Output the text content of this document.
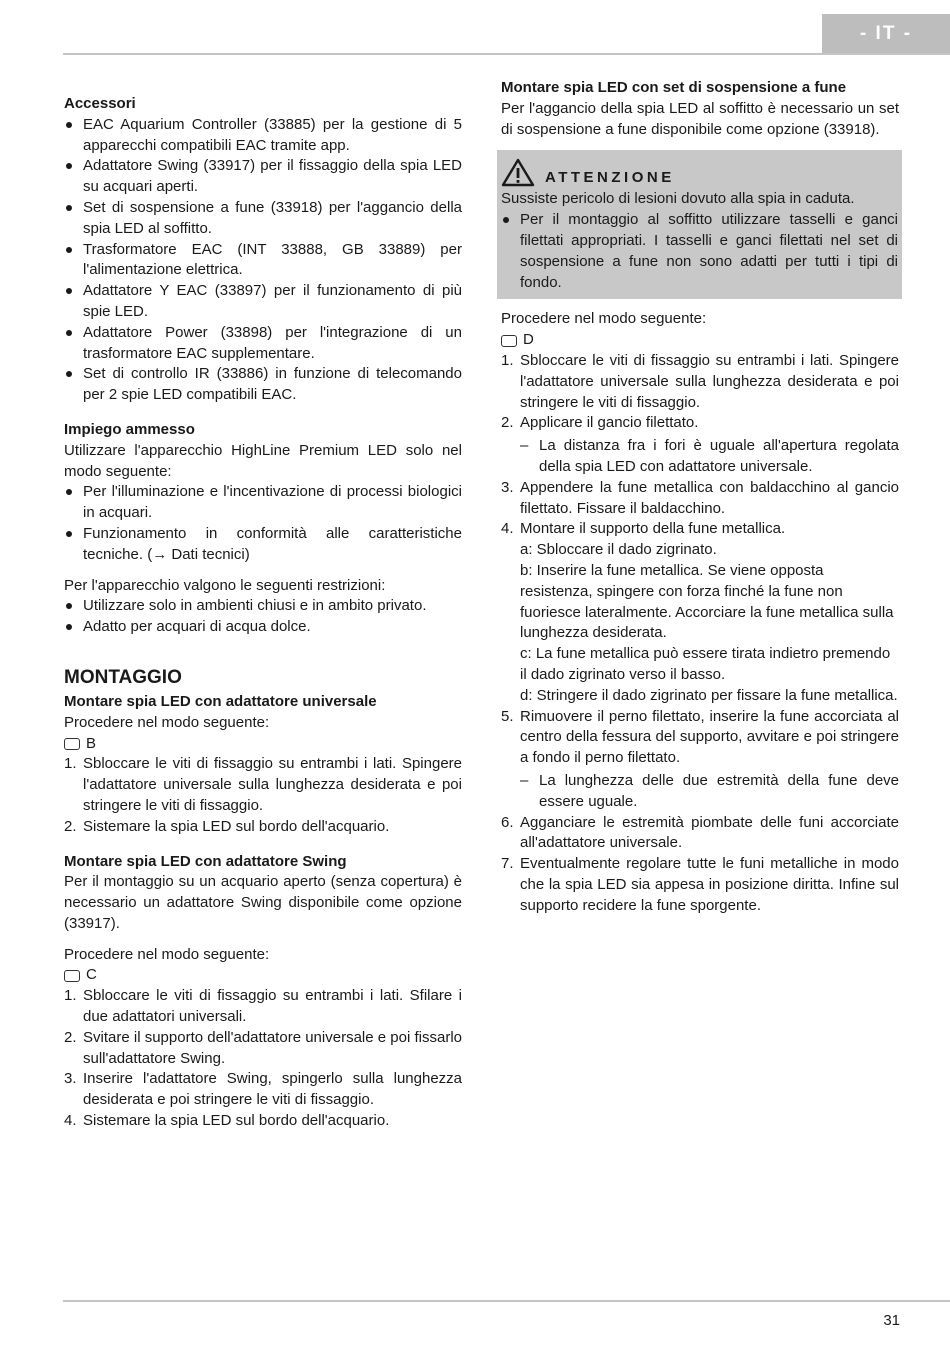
- IT -
Accessori
EAC Aquarium Controller (33885) per la gestione di 5 apparecchi compatibili EAC tramite app.
Adattatore Swing (33917) per il fissaggio della spia LED su acquari aperti.
Set di sospensione a fune (33918) per l'aggancio della spia LED al soffitto.
Trasformatore EAC (INT 33888, GB 33889) per l'alimentazione elettrica.
Adattatore Y EAC (33897) per il funzionamento di più spie LED.
Adattatore Power (33898) per l'integrazione di un trasformatore EAC supplementare.
Set di controllo IR (33886) in funzione di telecomando per 2 spie LED compatibili EAC.
Impiego ammesso

Utilizzare l'apparecchio HighLine Premium LED solo nel modo seguente:

Per l'illuminazione e l'incentivazione di processi biologici in acquari.
Funzionamento in conformità alle caratteristiche tecniche. (→ Dati tecnici)

Per l'apparecchio valgono le seguenti restrizioni:

Utilizzare solo in ambienti chiusi e in ambito privato.
Adatto per acquari di acqua dolce.
MONTAGGIO
Montare spia LED con adattatore universale

Procedere nel modo seguente:

B
1. Sbloccare le viti di fissaggio su entrambi i lati. Spingere l'adattatore universale sulla lunghezza desiderata e poi stringere le viti di fissaggio.
2. Sistemare la spia LED sul bordo dell'acquario.
Montare spia LED con adattatore Swing

Per il montaggio su un acquario aperto (senza copertura) è necessario un adattatore Swing disponibile come opzione (33917).

Procedere nel modo seguente:

C
1. Sbloccare le viti di fissaggio su entrambi i lati. Sfilare i due adattatori universali.
2. Svitare il supporto dell'adattatore universale e poi fissarlo sull'adattatore Swing.
3. Inserire l'adattatore Swing, spingerlo sulla lunghezza desiderata e poi stringere le viti di fissaggio.
4. Sistemare la spia LED sul bordo dell'acquario.
Montare spia LED con set di sospensione a fune

Per l'aggancio della spia LED al soffitto è necessario un set di sospensione a fune disponibile come opzione (33918).

ATTENZIONE

Sussiste pericolo di lesioni dovuto alla spia in caduta.

Per il montaggio al soffitto utilizzare tasselli e ganci filettati appropriati. I tasselli e ganci filettati nel set di sospensione a fune non sono adatti per tutti i tipi di fondo.

Procedere nel modo seguente:

D
1. Sbloccare le viti di fissaggio su entrambi i lati. Spingere l'adattatore universale sulla lunghezza desiderata e poi stringere le viti di fissaggio.
2. Applicare il gancio filettato.
– La distanza fra i fori è uguale all'apertura regolata della spia LED con adattatore universale.
3. Appendere la fune metallica con baldacchino al gancio filettato. Fissare il baldacchino.
4. Montare il supporto della fune metallica.
a: Sbloccare il dado zigrinato.
b: Inserire la fune metallica. Se viene opposta resistenza, spingere con forza finché la fune non fuoriesce lateralmente. Accorciare la fune metallica sulla lunghezza desiderata.
c: La fune metallica può essere tirata indietro premendo il dado zigrinato verso il basso.
d: Stringere il dado zigrinato per fissare la fune metallica.
5. Rimuovere il perno filettato, inserire la fune accorciata al centro della fessura del supporto, avvitare e poi stringere a fondo il perno filettato.
– La lunghezza delle due estremità della fune deve essere uguale.
6. Agganciare le estremità piombate delle funi accorciate all'adattatore universale.
7. Eventualmente regolare tutte le funi metalliche in modo che la spia LED sia appesa in posizione diritta. Infine sul supporto recidere la fune sporgente.
31
